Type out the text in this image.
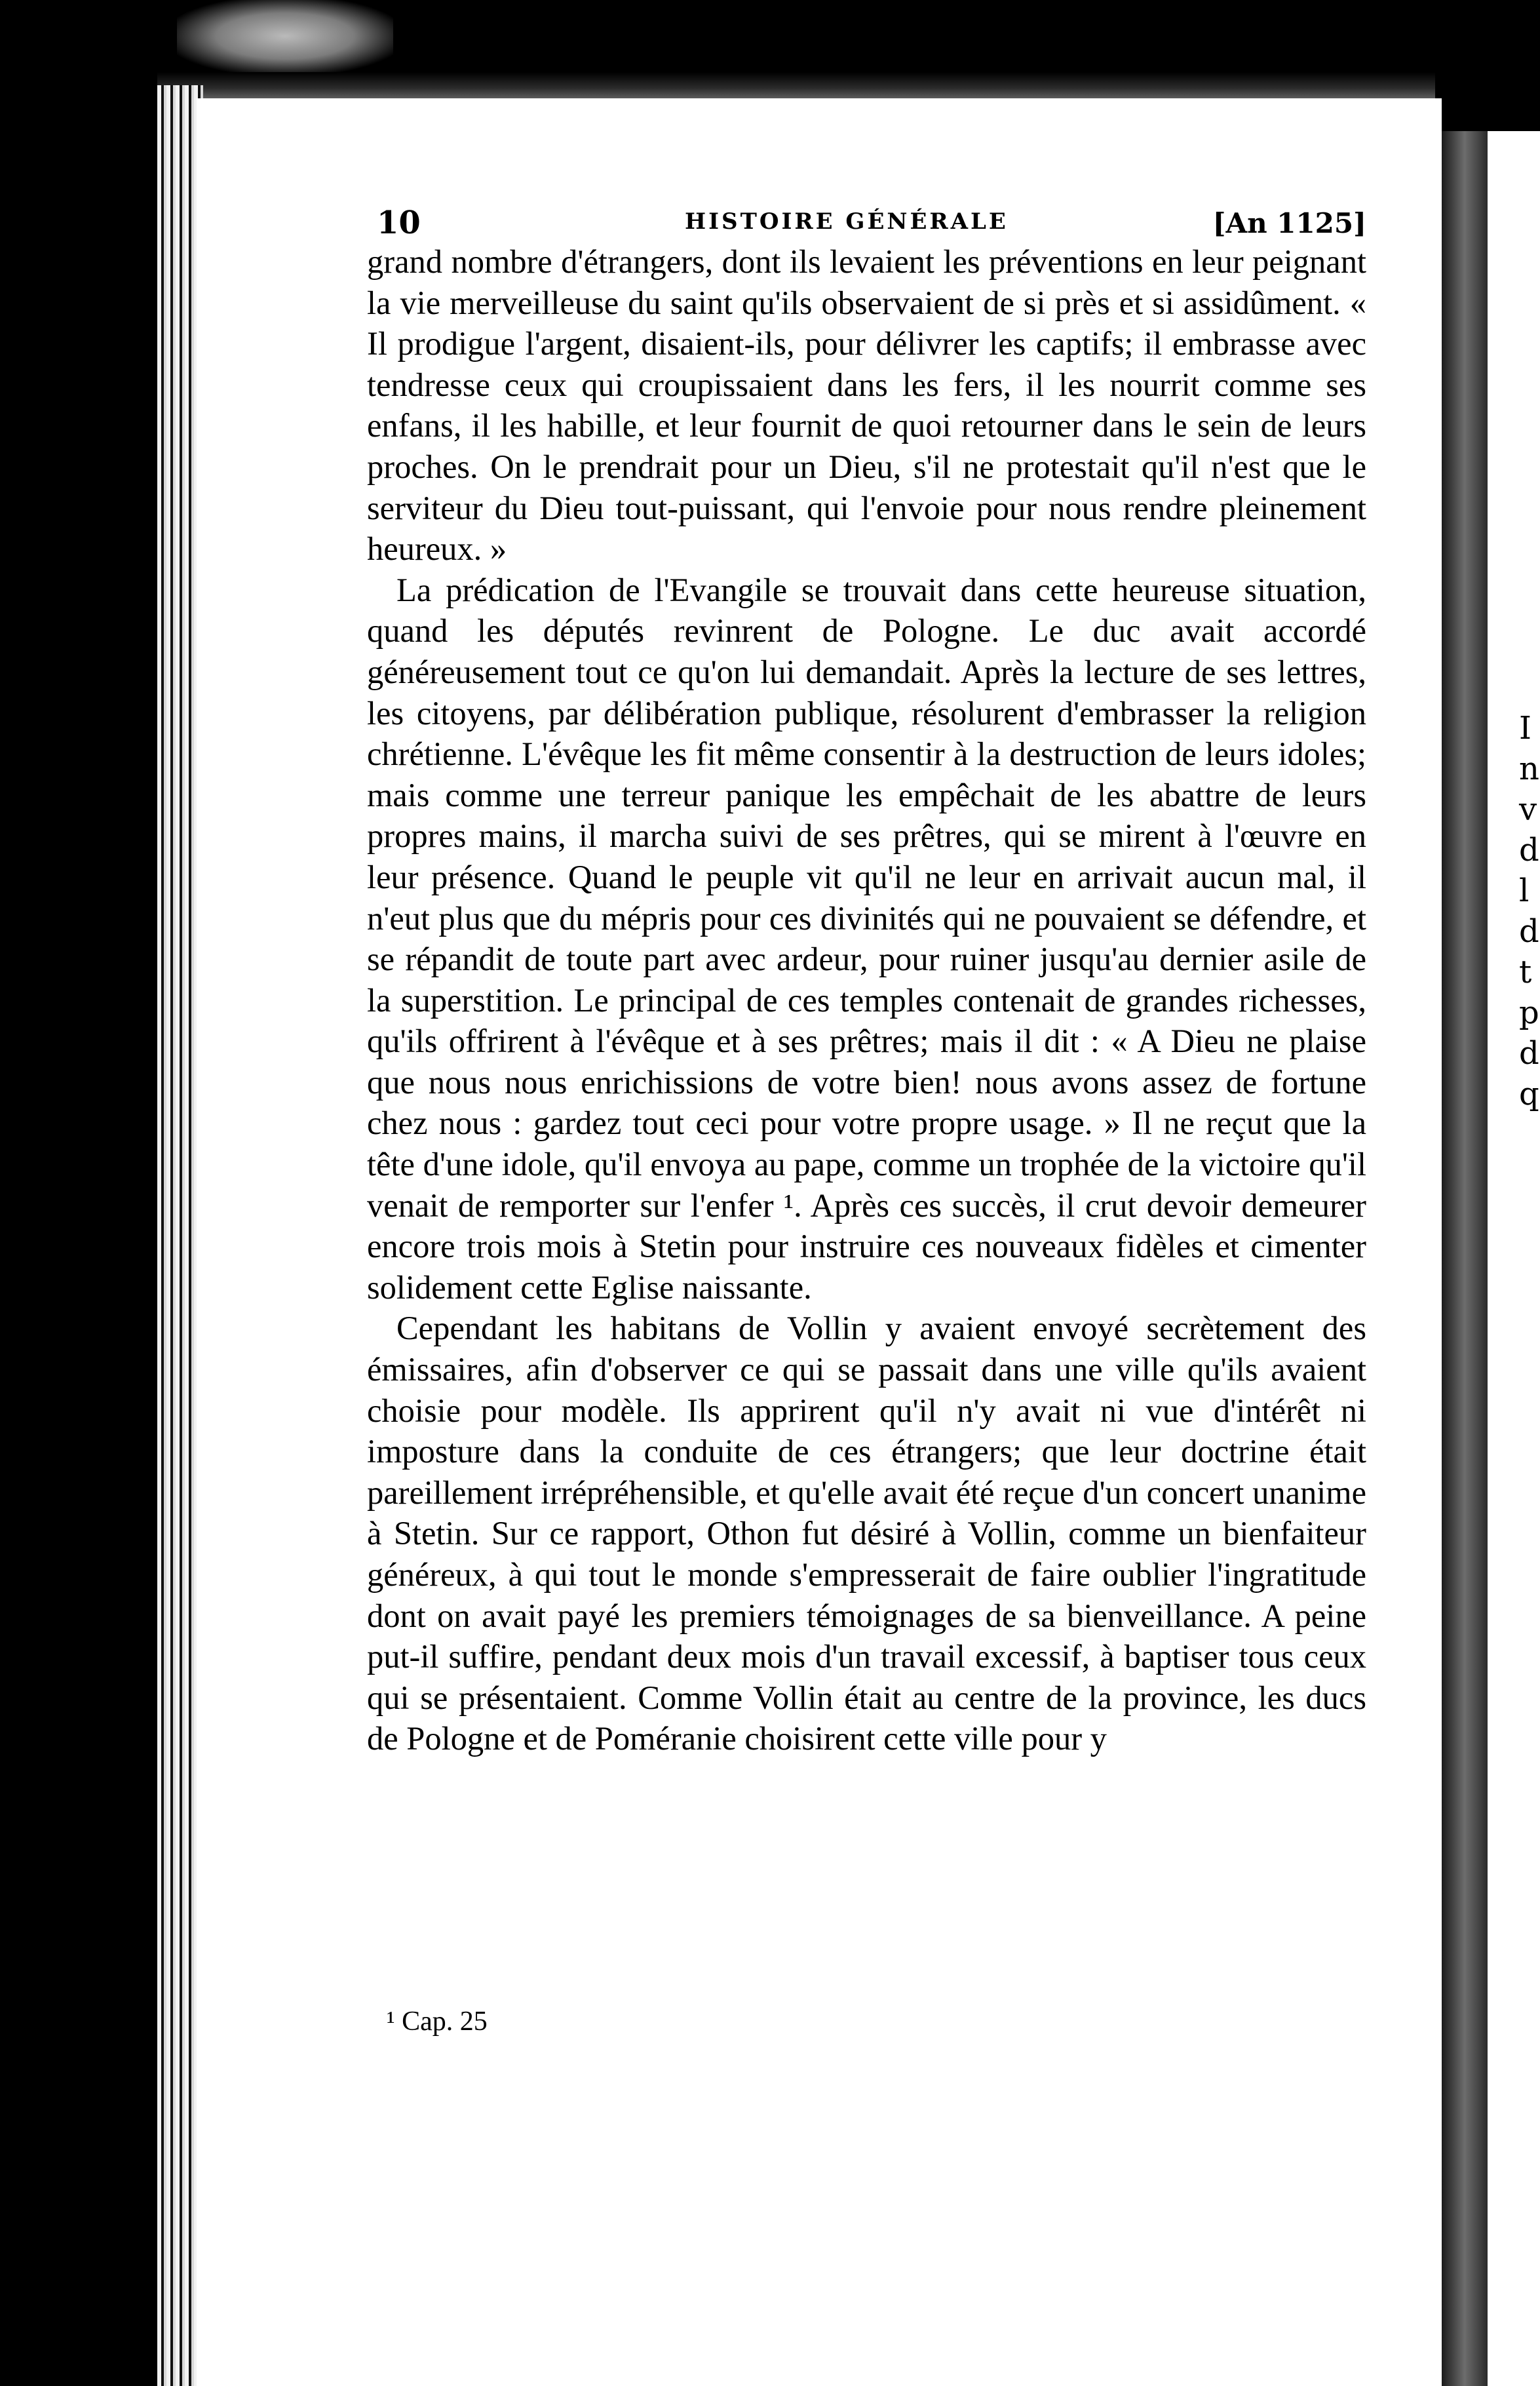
I
n
v
d
l
d
t
p
d
q
10	HISTOIRE GÉNÉRALE	[An 1125]

grand nombre d'étrangers, dont ils levaient les préventions en leur peignant la vie merveilleuse du saint qu'ils observaient de si près et si assidûment. « Il prodigue l'argent, disaient-ils, pour délivrer les captifs; il embrasse avec tendresse ceux qui croupissaient dans les fers, il les nourrit comme ses enfans, il les habille, et leur fournit de quoi retourner dans le sein de leurs proches. On le prendrait pour un Dieu, s'il ne protestait qu'il n'est que le serviteur du Dieu tout-puissant, qui l'envoie pour nous rendre pleinement heureux. »

La prédication de l'Evangile se trouvait dans cette heureuse situation, quand les députés revinrent de Pologne. Le duc avait accordé généreusement tout ce qu'on lui demandait. Après la lecture de ses lettres, les citoyens, par délibération publique, résolurent d'embrasser la religion chrétienne. L'évêque les fit même consentir à la destruction de leurs idoles; mais comme une terreur panique les empêchait de les abattre de leurs propres mains, il marcha suivi de ses prêtres, qui se mirent à l'œuvre en leur présence. Quand le peuple vit qu'il ne leur en arrivait aucun mal, il n'eut plus que du mépris pour ces divinités qui ne pouvaient se défendre, et se répandit de toute part avec ardeur, pour ruiner jusqu'au dernier asile de la superstition. Le principal de ces temples contenait de grandes richesses, qu'ils offrirent à l'évêque et à ses prêtres; mais il dit : « A Dieu ne plaise que nous nous enrichissions de votre bien! nous avons assez de fortune chez nous : gardez tout ceci pour votre propre usage. » Il ne reçut que la tête d'une idole, qu'il envoya au pape, comme un trophée de la victoire qu'il venait de remporter sur l'enfer ¹. Après ces succès, il crut devoir demeurer encore trois mois à Stetin pour instruire ces nouveaux fidèles et cimenter solidement cette Eglise naissante.

Cependant les habitans de Vollin y avaient envoyé secrètement des émissaires, afin d'observer ce qui se passait dans une ville qu'ils avaient choisie pour modèle. Ils apprirent qu'il n'y avait ni vue d'intérêt ni imposture dans la conduite de ces étrangers; que leur doctrine était pareillement irrépréhensible, et qu'elle avait été reçue d'un concert unanime à Stetin. Sur ce rapport, Othon fut désiré à Vollin, comme un bienfaiteur généreux, à qui tout le monde s'empresserait de faire oublier l'ingratitude dont on avait payé les premiers témoignages de sa bienveillance. A peine put-il suffire, pendant deux mois d'un travail excessif, à baptiser tous ceux qui se présentaient. Comme Vollin était au centre de la province, les ducs de Pologne et de Poméranie choisirent cette ville pour y

¹ Cap. 25
